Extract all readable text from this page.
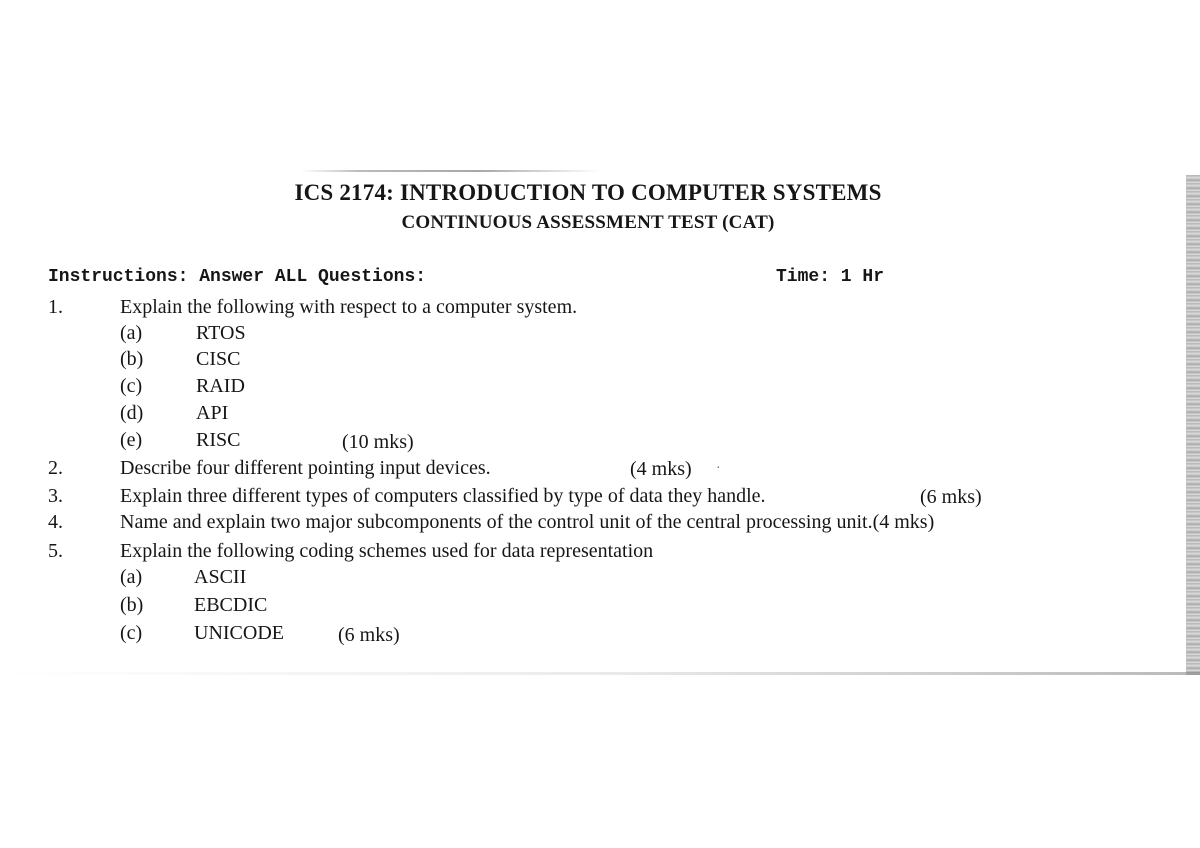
ICS 2174: INTRODUCTION TO COMPUTER SYSTEMS
CONTINUOUS ASSESSMENT TEST (CAT)
Instructions: Answer ALL Questions:	Time: 1 Hr
1.	Explain the following with respect to a computer system.
(a)	RTOS
(b)	CISC
(c)	RAID
(d)	API
(e)	RISC	(10 mks)
2.	Describe four different pointing input devices.	(4 mks) ·
3.	Explain three different types of computers classified by type of data they handle.	(6 mks)
4.	Name and explain two major subcomponents of the control unit of the central processing unit.(4 mks)
5.	Explain the following coding schemes used for data representation
(a)	ASCII
(b)	EBCDIC
(c)	UNICODE	(6 mks)
